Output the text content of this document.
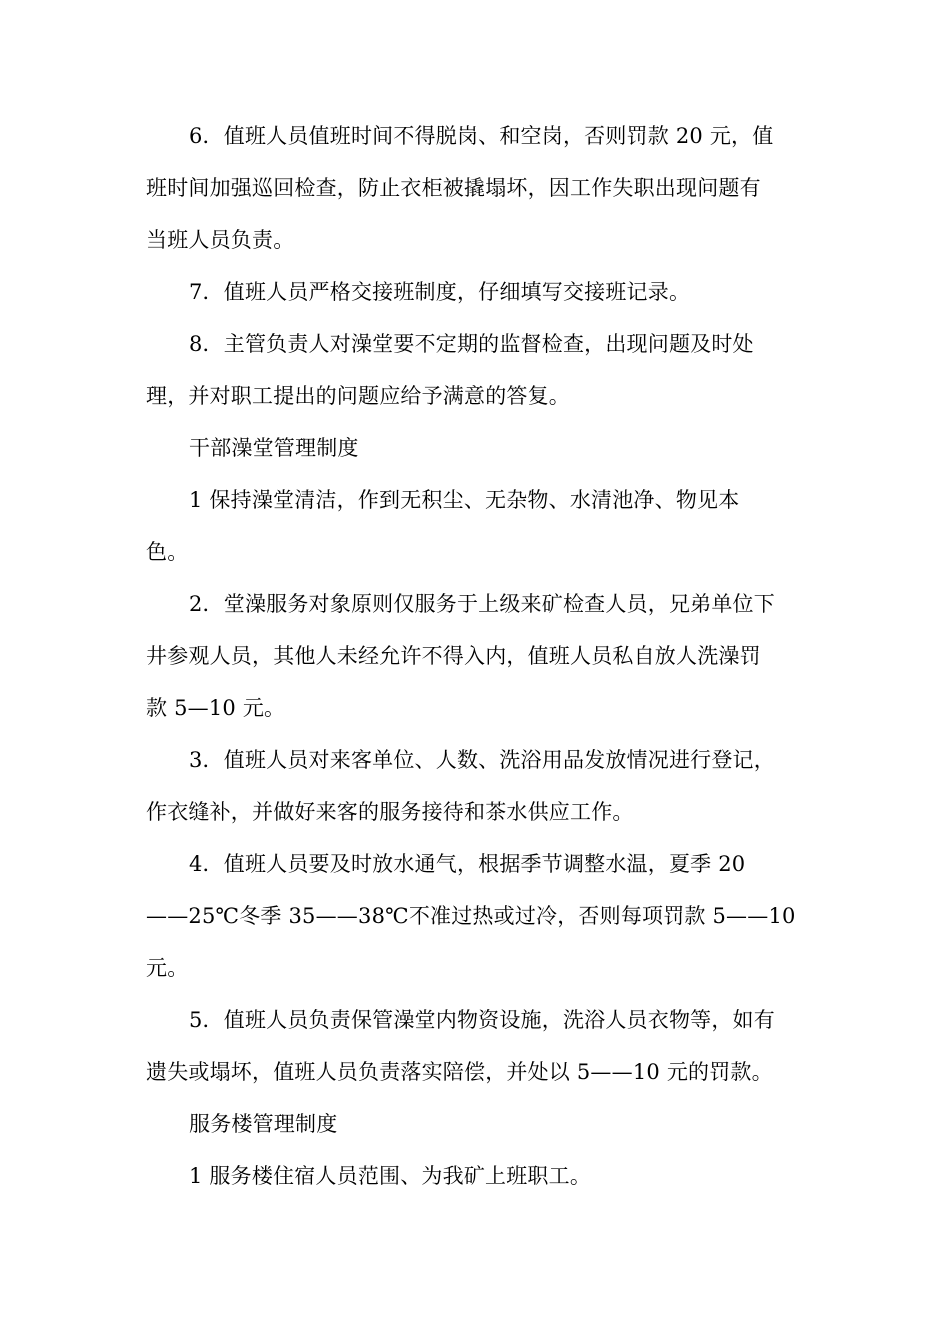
6．值班人员值班时间不得脱岗、和空岗，否则罚款 20 元，值
班时间加强巡回检查，防止衣柜被撬塌坏，因工作失职出现问题有
当班人员负责。
7．值班人员严格交接班制度，仔细填写交接班记录。
8．主管负责人对澡堂要不定期的监督检查，出现问题及时处
理，并对职工提出的问题应给予满意的答复。
干部澡堂管理制度
1 保持澡堂清洁，作到无积尘、无杂物、水清池净、物见本
色。
2．堂澡服务对象原则仅服务于上级来矿检查人员，兄弟单位下
井参观人员，其他人未经允许不得入内，值班人员私自放人洗澡罚
款 5—10 元。
3．值班人员对来客单位、人数、洗浴用品发放情况进行登记，
作衣缝补，并做好来客的服务接待和茶水供应工作。
4．值班人员要及时放水通气，根据季节调整水温，夏季 20
——25℃冬季 35——38℃不准过热或过冷，否则每项罚款 5——10
元。
5．值班人员负责保管澡堂内物资设施，洗浴人员衣物等，如有
遗失或塌坏，值班人员负责落实陪偿，并处以 5——10 元的罚款。
服务楼管理制度
1 服务楼住宿人员范围、为我矿上班职工。
